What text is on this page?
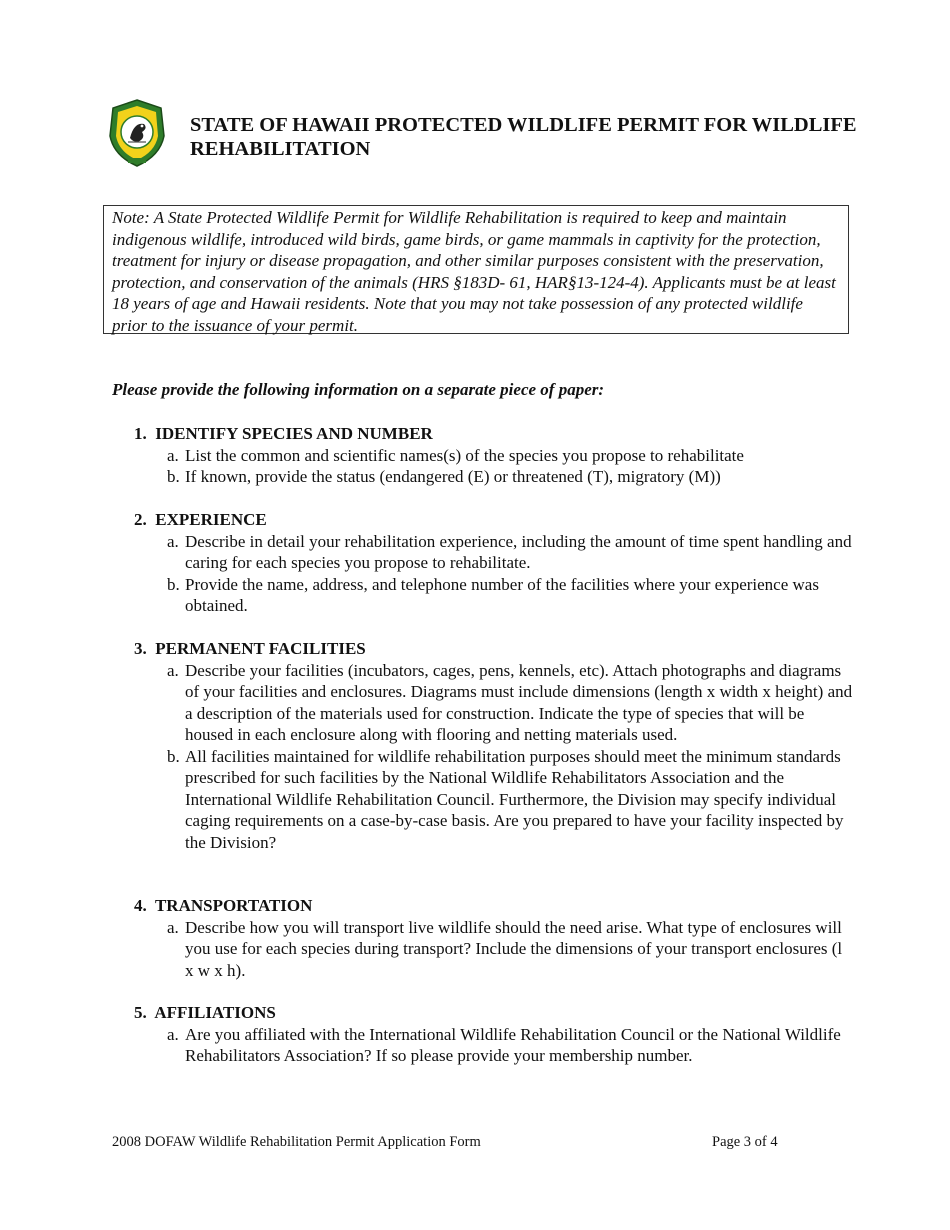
STATE OF HAWAII PROTECTED WILDLIFE PERMIT FOR WILDLIFE REHABILITATION
Note: A State Protected Wildlife Permit for Wildlife Rehabilitation is required to keep and maintain indigenous wildlife, introduced wild birds, game birds, or game mammals in captivity for the protection, treatment for injury or disease propagation, and other similar purposes consistent with the preservation, protection, and conservation of the animals (HRS §183D- 61, HAR§13-124-4). Applicants must be at least 18 years of age and Hawaii residents. Note that you may not take possession of any protected wildlife prior to the issuance of your permit.

Please provide the following information on a separate piece of paper:

1. IDENTIFY SPECIES AND NUMBER

a. List the common and scientific names(s) of the species you propose to rehabilitate
b. If known, provide the status (endangered (E) or threatened (T), migratory (M))

2. EXPERIENCE

a. Describe in detail your rehabilitation experience, including the amount of time spent handling and caring for each species you propose to rehabilitate.
b. Provide the name, address, and telephone number of the facilities where your experience was obtained.

3. PERMANENT FACILITIES

a. Describe your facilities (incubators, cages, pens, kennels, etc). Attach photographs and diagrams of your facilities and enclosures. Diagrams must include dimensions (length x width x height) and a description of the materials used for construction. Indicate the type of species that will be housed in each enclosure along with flooring and netting materials used.
b. All facilities maintained for wildlife rehabilitation purposes should meet the minimum standards prescribed for such facilities by the National Wildlife Rehabilitators Association and the International Wildlife Rehabilitation Council. Furthermore, the Division may specify individual caging requirements on a case-by-case basis. Are you prepared to have your facility inspected by the Division?

4. TRANSPORTATION

a. Describe how you will transport live wildlife should the need arise. What type of enclosures will you use for each species during transport? Include the dimensions of your transport enclosures (l x w x h).

5. AFFILIATIONS

a. Are you affiliated with the International Wildlife Rehabilitation Council or the National Wildlife Rehabilitators Association? If so please provide your membership number.
2008 DOFAW Wildlife Rehabilitation Permit Application Form	Page 3 of 4
